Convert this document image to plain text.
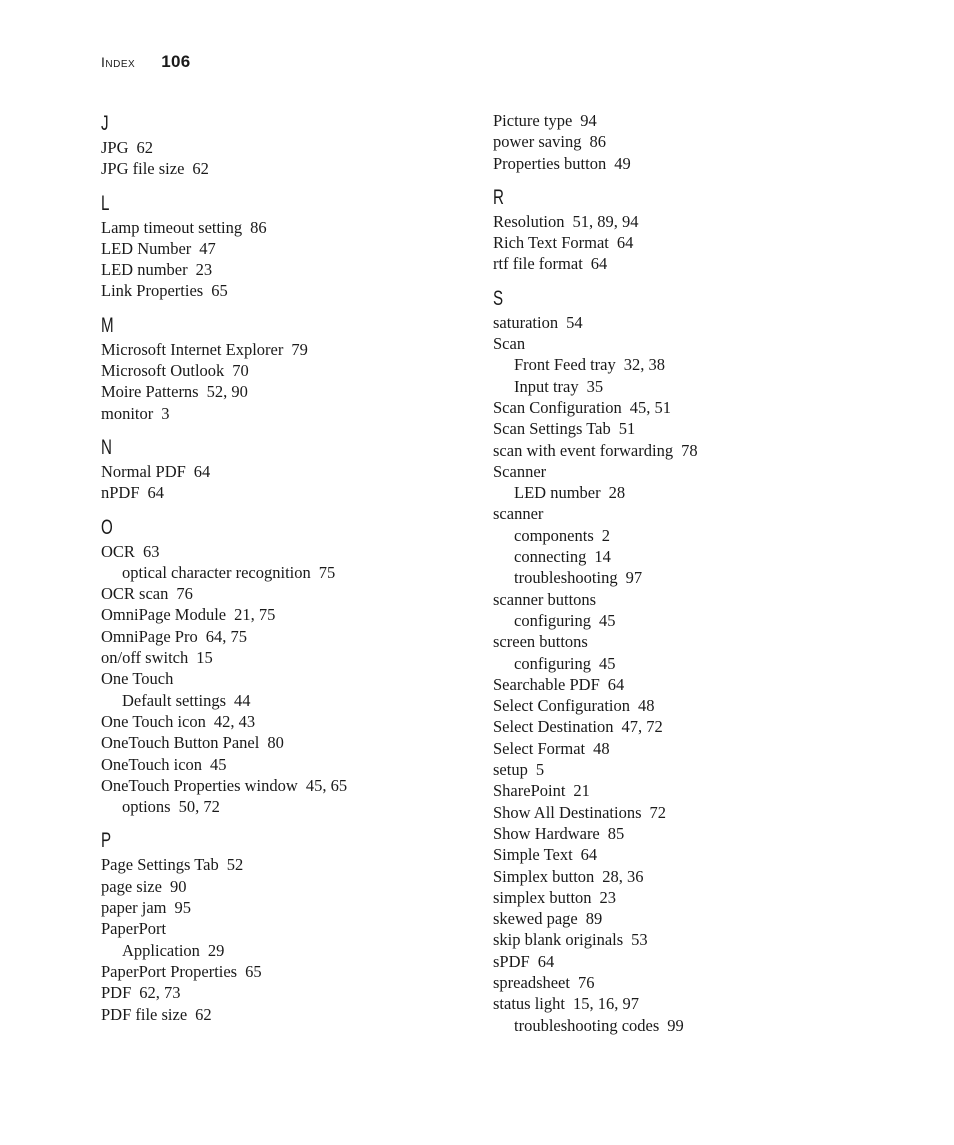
Index 106
J
JPG 62
JPG file size 62
L
Lamp timeout setting 86
LED Number 47
LED number 23
Link Properties 65
M
Microsoft Internet Explorer 79
Microsoft Outlook 70
Moire Patterns 52, 90
monitor 3
N
Normal PDF 64
nPDF 64
O
OCR 63
optical character recognition 75
OCR scan 76
OmniPage Module 21, 75
OmniPage Pro 64, 75
on/off switch 15
One Touch
Default settings 44
One Touch icon 42, 43
OneTouch Button Panel 80
OneTouch icon 45
OneTouch Properties window 45, 65
options 50, 72
P
Page Settings Tab 52
page size 90
paper jam 95
PaperPort
Application 29
PaperPort Properties 65
PDF 62, 73
PDF file size 62
Picture type 94
power saving 86
Properties button 49
R
Resolution 51, 89, 94
Rich Text Format 64
rtf file format 64
S
saturation 54
Scan
Front Feed tray 32, 38
Input tray 35
Scan Configuration 45, 51
Scan Settings Tab 51
scan with event forwarding 78
Scanner
LED number 28
scanner
components 2
connecting 14
troubleshooting 97
scanner buttons
configuring 45
screen buttons
configuring 45
Searchable PDF 64
Select Configuration 48
Select Destination 47, 72
Select Format 48
setup 5
SharePoint 21
Show All Destinations 72
Show Hardware 85
Simple Text 64
Simplex button 28, 36
simplex button 23
skewed page 89
skip blank originals 53
sPDF 64
spreadsheet 76
status light 15, 16, 97
troubleshooting codes 99
